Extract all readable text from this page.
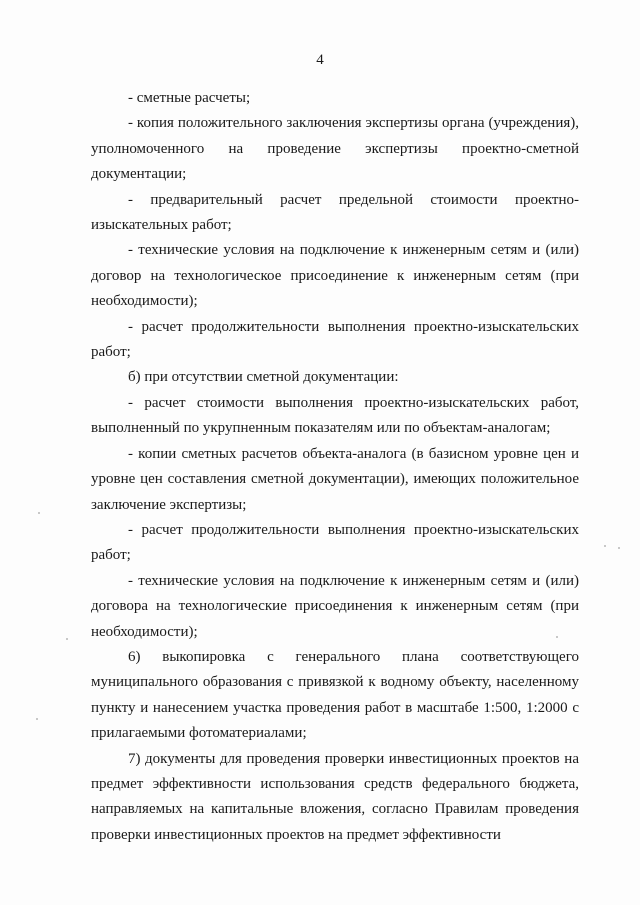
4

- сметные расчеты;

- копия положительного заключения экспертизы органа (учреждения), уполномоченного на проведение экспертизы проектно-сметной документации;

- предварительный расчет предельной стоимости проектно-изыскательных работ;

- технические условия на подключение к инженерным сетям и (или) договор на технологическое присоединение к инженерным сетям (при необходимости);

- расчет продолжительности выполнения проектно-изыскательских работ;

б) при отсутствии сметной документации:

- расчет стоимости выполнения проектно-изыскательских работ, выполненный по укрупненным показателям или по объектам-аналогам;

- копии сметных расчетов объекта-аналога (в базисном уровне цен и уровне цен составления сметной документации), имеющих положительное заключение экспертизы;

- расчет продолжительности выполнения проектно-изыскательских работ;

- технические условия на подключение к инженерным сетям и (или) договора на технологические присоединения к инженерным сетям (при необходимости);

6) выкопировка с генерального плана соответствующего муниципального образования с привязкой к водному объекту, населенному пункту и нанесением участка проведения работ в масштабе 1:500, 1:2000 с прилагаемыми фотоматериалами;

7) документы для проведения проверки инвестиционных проектов на предмет эффективности использования средств федерального бюджета, направляемых на капитальные вложения, согласно Правилам проведения проверки инвестиционных проектов на предмет эффективности
